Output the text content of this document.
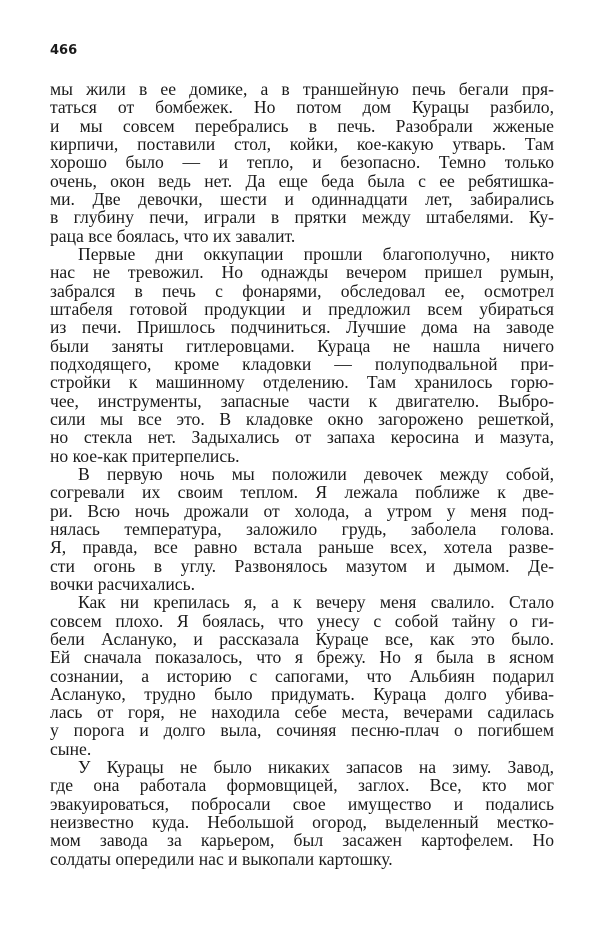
466
мы жили в ее домике, а в траншейную печь бегали пря-
таться от бомбежек. Но потом дом Курацы разбило,
и мы совсем перебрались в печь. Разобрали жженые
кирпичи, поставили стол, койки, кое-какую утварь. Там
хорошо было — и тепло, и безопасно. Темно только
очень, окон ведь нет. Да еще беда была с ее ребятишка-
ми. Две девочки, шести и одиннадцати лет, забирались
в глубину печи, играли в прятки между штабелями. Ку-
раца все боялась, что их завалит.
Первые дни оккупации прошли благополучно, никто
нас не тревожил. Но однажды вечером пришел румын,
забрался в печь с фонарями, обследовал ее, осмотрел
штабеля готовой продукции и предложил всем убираться
из печи. Пришлось подчиниться. Лучшие дома на заводе
были заняты гитлеровцами. Кураца не нашла ничего
подходящего, кроме кладовки — полуподвальной при-
стройки к машинному отделению. Там хранилось горю-
чее, инструменты, запасные части к двигателю. Выбро-
сили мы все это. В кладовке окно загорожено решеткой,
но стекла нет. Задыхались от запаха керосина и мазута,
но кое-как притерпелись.
В первую ночь мы положили девочек между собой,
согревали их своим теплом. Я лежала поближе к две-
ри. Всю ночь дрожали от холода, а утром у меня под-
нялась температура, заложило грудь, заболела голова.
Я, правда, все равно встала раньше всех, хотела разве-
сти огонь в углу. Развонялось мазутом и дымом. Де-
вочки расчихались.
Как ни крепилась я, а к вечеру меня свалило. Стало
совсем плохо. Я боялась, что унесу с собой тайну о ги-
бели Аслануко, и рассказала Кураце все, как это было.
Ей сначала показалось, что я брежу. Но я была в ясном
сознании, а историю с сапогами, что Альбиян подарил
Аслануко, трудно было придумать. Кураца долго убива-
лась от горя, не находила себе места, вечерами садилась
у порога и долго выла, сочиняя песню-плач о погибшем
сыне.
У Курацы не было никаких запасов на зиму. Завод,
где она работала формовщицей, заглох. Все, кто мог
эвакуироваться, побросали свое имущество и подались
неизвестно куда. Небольшой огород, выделенный местко-
мом завода за карьером, был засажен картофелем. Но
солдаты опередили нас и выкопали картошку.
